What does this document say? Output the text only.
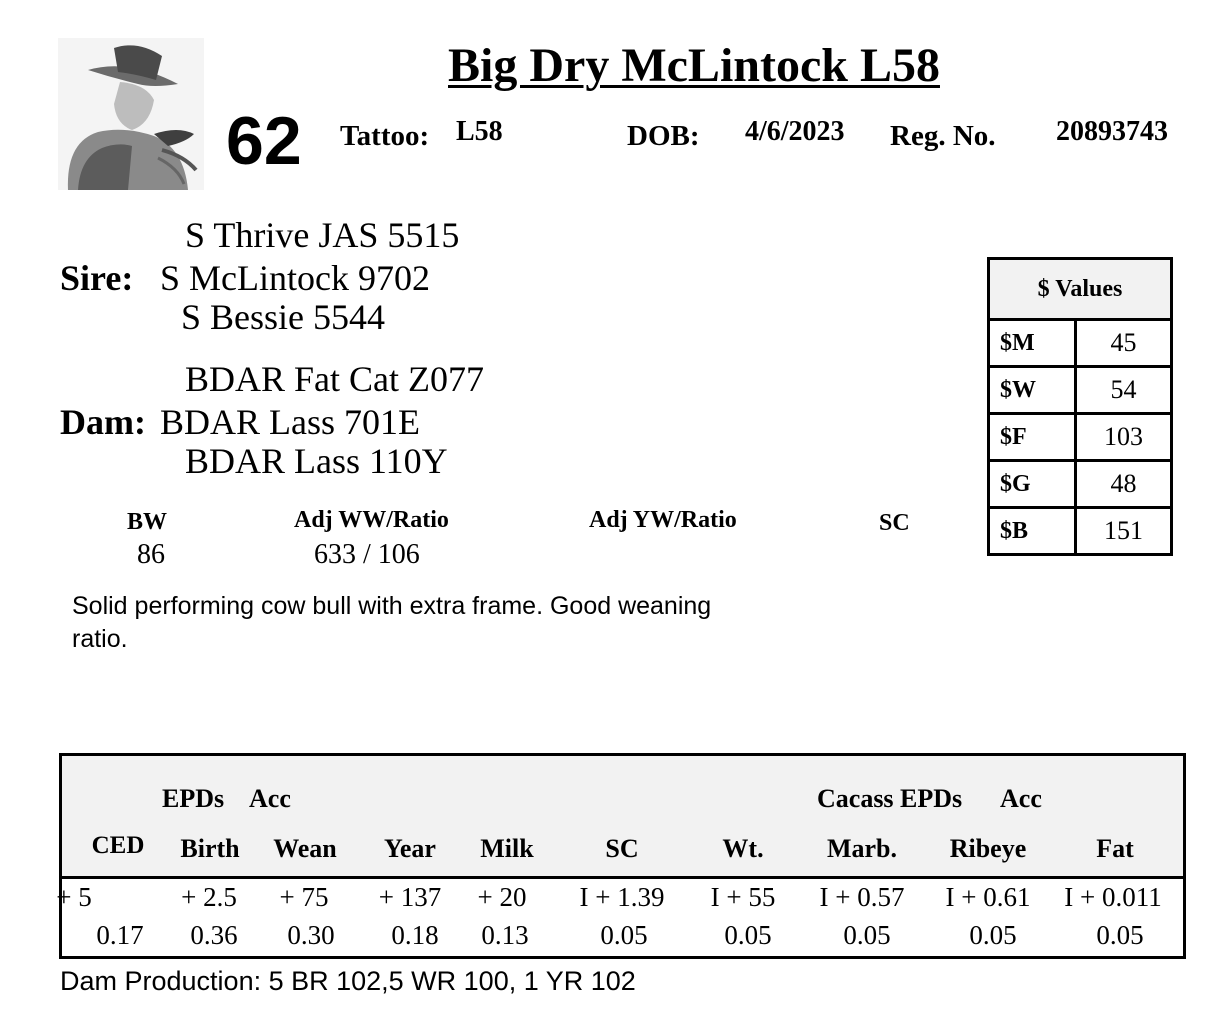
Big Dry McLintock L58
62 Tattoo: L58	DOB: 4/6/2023 Reg. No. 20893743
S Thrive JAS 5515
Sire: S McLintock 9702
S Bessie 5544
BDAR Fat Cat Z077
Dam: BDAR Lass 701E
BDAR Lass 110Y
BW
86
Adj WW/Ratio
633 / 106
Adj YW/Ratio	SC
Solid performing cow bull with extra frame. Good weaning ratio.
$ Values	
$M	45
$W	54
$F	103
$G	48
$B	151
EPDs Acc	Cacass EPDs Acc
CED	Birth	Wean	Year	Milk	SC	Wt.	Marb.	Ribeye	Fat
+ 5	+ 2.5	+ 75	+ 137	+ 20	I + 1.39	I + 55	I + 0.57	I + 0.61	I + 0.011
0.17	0.36	0.30	0.18	0.13	0.05	0.05	0.05	0.05	0.05
Dam Production: 5 BR 102,5 WR 100, 1 YR 102
